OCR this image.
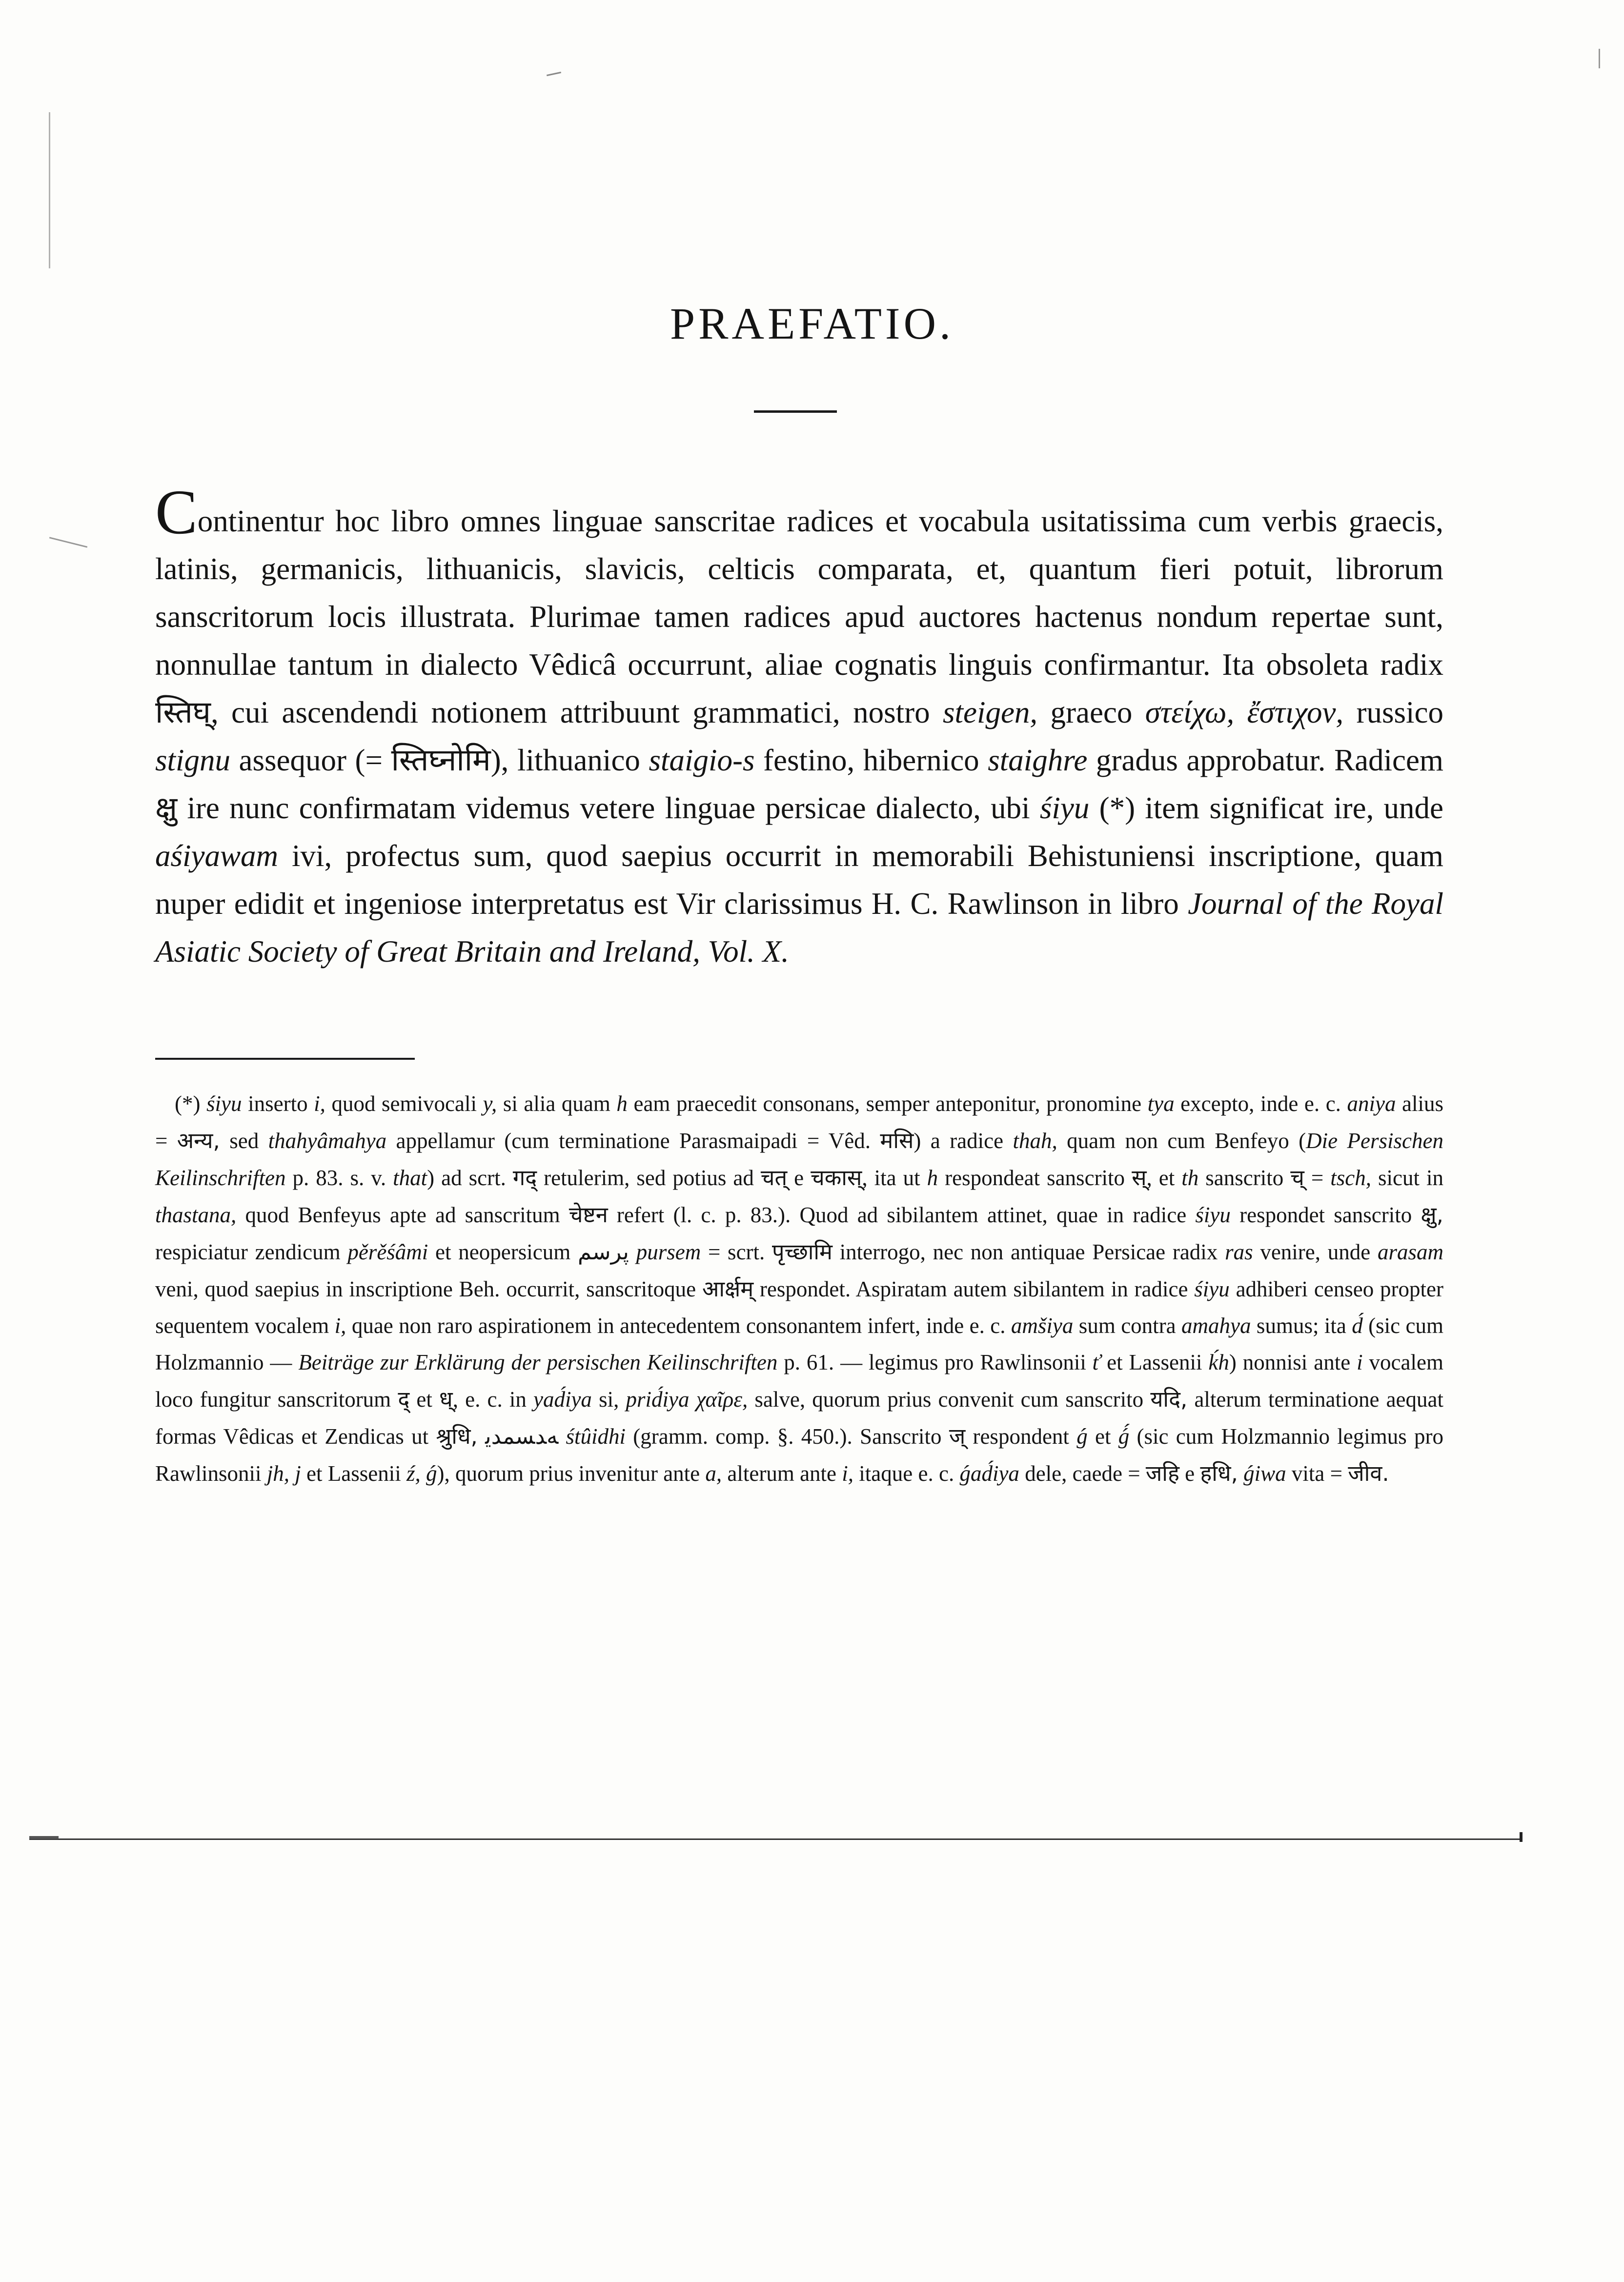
PRAEFATIO.

Continentur hoc libro omnes linguae sanscritae radices et vocabula usitatissima cum verbis graecis, latinis, germanicis, lithuanicis, slavicis, celticis comparata, et, quantum fieri potuit, librorum sanscritorum locis illustrata. Plurimae tamen radices apud auctores hactenus nondum repertae sunt, nonnullae tantum in dialecto Vêdicâ occurrunt, aliae cognatis linguis confirmantur. Ita obsoleta radix स्तिघ्, cui ascendendi notionem attribuunt grammatici, nostro steigen, graeco στείχω, ἔστιχον, russico stignu assequor (= स्तिघ्नोमि), lithuanico staigio-s festino, hibernico staighre gradus approbatur. Radicem क्षु ire nunc confirmatam videmus vetere linguae persicae dialecto, ubi śiyu (*) item significat ire, unde aśiyawam ivi, profectus sum, quod saepius occurrit in memorabili Behistuniensi inscriptione, quam nuper edidit et ingeniose interpretatus est Vir clarissimus H. C. Rawlinson in libro Journal of the Royal Asiatic Society of Great Britain and Ireland, Vol. X.

(*) śiyu inserto i, quod semivocali y, si alia quam h eam praecedit consonans, semper anteponitur, pronomine tya excepto, inde e. c. aniya alius = अन्य, sed thahyâmahya appellamur (cum terminatione Parasmaipadi = Vêd. मसि) a radice thah, quam non cum Benfeyo (Die Persischen Keilinschriften p. 83. s. v. that) ad scrt. गद् retulerim, sed potius ad चत् e चकास्, ita ut h respondeat sanscrito स्, et th sanscrito च् = tsch, sicut in thastana, quod Benfeyus apte ad sanscritum चेष्टन refert (l. c. p. 83.). Quod ad sibilantem attinet, quae in radice śiyu respondet sanscrito क्षु, respiciatur zendicum pěrěśâmi et neopersicum پرسم pursem = scrt. पृच्छामि interrogo, nec non antiquae Persicae radix ras venire, unde arasam veni, quod saepius in inscriptione Beh. occurrit, sanscritoque आर्क्षम् respondet. Aspiratam autem sibilantem in radice śiyu adhiberi censeo propter sequentem vocalem i, quae non raro aspirationem in antecedentem consonantem infert, inde e. c. amšiya sum contra amahya sumus; ita d́ (sic cum Holzmannio — Beiträge zur Erklärung der persischen Keilinschriften p. 61. — legimus pro Rawlinsonii ť et Lassenii ḱh) nonnisi ante i vocalem loco fungitur sanscritorum द् et ध्, e. c. in yad́iya si, prid́iya χαῖρε, salve, quorum prius convenit cum sanscrito यदि, alterum terminatione aequat formas Vêdicas et Zendicas ut श्रुधि, ﻪﺪﺴﻤﺪﻳ śtûidhi (gramm. comp. §. 450.). Sanscrito ज् respondent ǵ et ǵ́ (sic cum Holzmannio legimus pro Rawlinsonii jh, j et Lassenii ź, ǵ), quorum prius invenitur ante a, alterum ante i, itaque e. c. ǵad́iya dele, caede = जहि e हधि, ǵiwa vita = जीव.
